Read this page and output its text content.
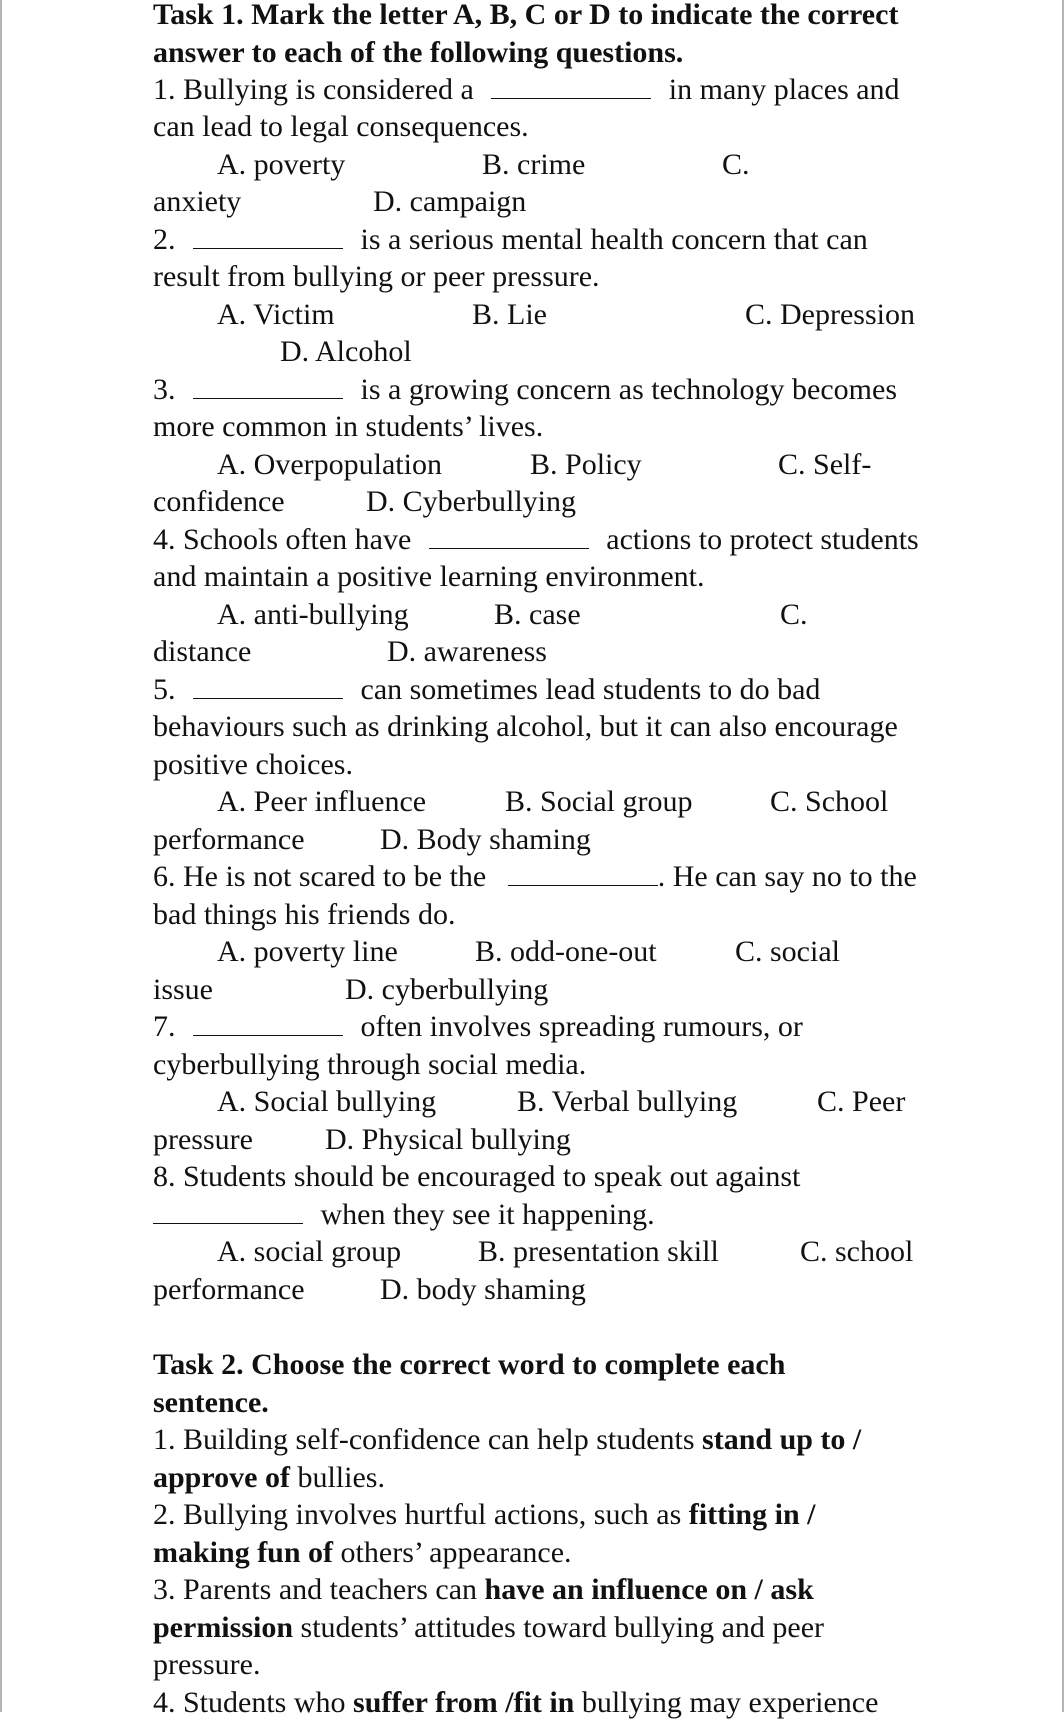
Task 1. Mark the letter A, B, C or D to indicate the correct
answer to each of the following questions.
1. Bullying is considered a	in many places and
can lead to legal consequences.
A. poverty	B. crime	C.
anxiety	D. campaign
2.	is a serious mental health concern that can
result from bullying or peer pressure.
A. Victim	B. Lie	C. Depression
D. Alcohol
3.	is a growing concern as technology becomes
more common in students’ lives.
A. Overpopulation	B. Policy	C. Self-
confidence	D. Cyberbullying
4. Schools often have	actions to protect students
and maintain a positive learning environment.
A. anti-bullying	B. case	C.
distance	D. awareness
5.	can sometimes lead students to do bad
behaviours such as drinking alcohol, but it can also encourage
positive choices.
A. Peer influence	B. Social group	C. School
performance	D. Body shaming
6. He is not scared to be the	. He can say no to the
bad things his friends do.
A. poverty line	B. odd-one-out	C. social
issue	D. cyberbullying
7.	often involves spreading rumours, or
cyberbullying through social media.
A. Social bullying	B. Verbal bullying	C. Peer
pressure D. Physical bullying
8. Students should be encouraged to speak out against
when they see it happening.
A. social group	B. presentation skill	C. school
performance	D. body shaming
Task 2. Choose the correct word to complete each
sentence.
1. Building self-confidence can help students stand up to /
approve of bullies.
2. Bullying involves hurtful actions, such as fitting in /
making fun of others’ appearance.
3. Parents and teachers can have an influence on / ask
permission students’ attitudes toward bullying and peer
pressure.
4. Students who suffer from /fit in bullying may experience
